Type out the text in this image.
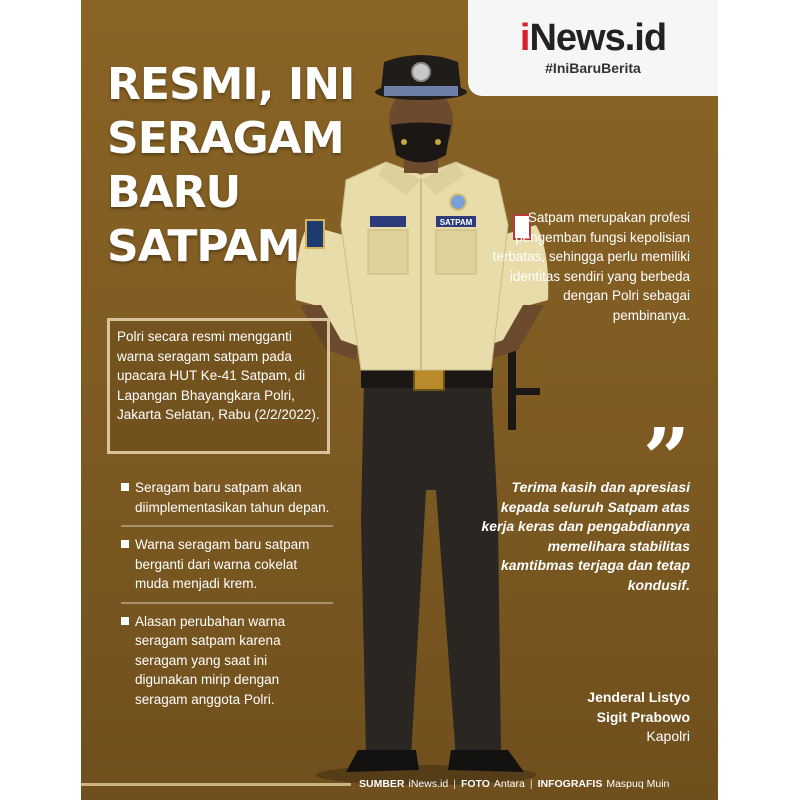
SATPAM
iNews.id
#IniBaruBerita
RESMI, INI
SERAGAM
BARU
SATPAM
Polri secara resmi mengganti warna seragam satpam pada upacara HUT Ke-41 Satpam, di Lapangan Bhayangkara Polri, Jakarta Selatan, Rabu (2/2/2022).
Seragam baru satpam akan diimplementasikan tahun depan.
Warna seragam baru satpam berganti dari warna cokelat muda menjadi krem.
Alasan perubahan warna seragam satpam karena seragam yang saat ini digunakan mirip dengan seragam anggota Polri.
Satpam merupakan profesi pengemban fungsi kepolisian terbatas, sehingga perlu memiliki identitas sendiri yang berbeda dengan Polri sebagai pembinanya.
”
Terima kasih dan apresiasi kepada seluruh Satpam atas kerja keras dan pengabdiannya memelihara stabilitas kamtibmas terjaga dan tetap kondusif.
Jenderal Listyo
Sigit Prabowo
Kapolri
SUMBER iNews.id | FOTO Antara | INFOGRAFIS Maspuq Muin
